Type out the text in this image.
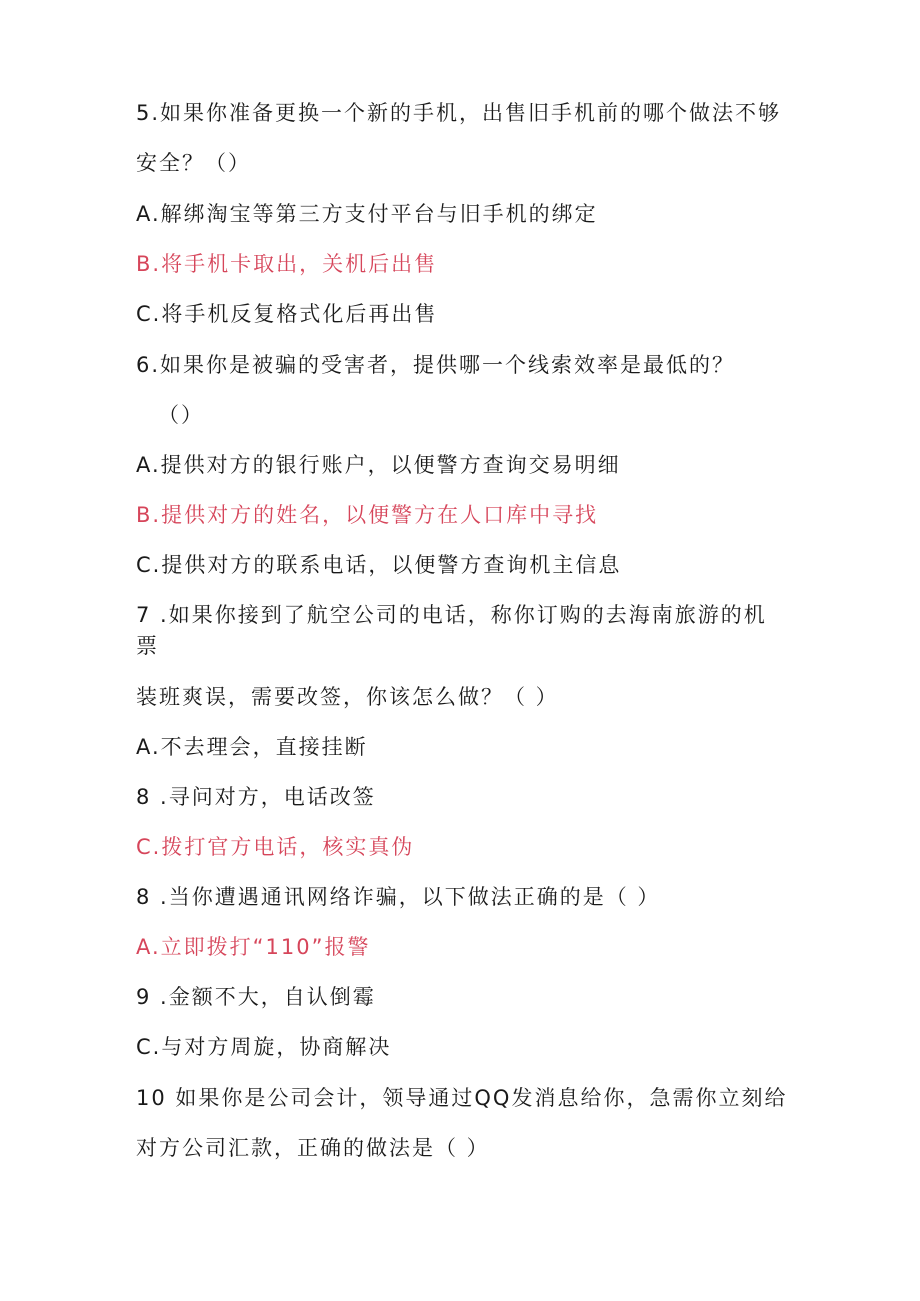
5.如果你准备更换一个新的手机，出售旧手机前的哪个做法不够
安全？（）
A.解绑淘宝等第三方支付平台与旧手机的绑定
B.将手机卡取出，关机后出售
C.将手机反复格式化后再出售
6.如果你是被骗的受害者，提供哪一个线索效率是最低的？
（）
A.提供对方的银行账户，以便警方查询交易明细
B.提供对方的姓名，以便警方在人口库中寻找
C.提供对方的联系电话，以便警方查询机主信息
7 .如果你接到了航空公司的电话，称你订购的去海南旅游的机
票
装班爽误，需要改签，你该怎么做？（ ）
A.不去理会，直接挂断
8 .寻问对方，电话改签
C.拨打官方电话，核实真伪
8 .当你遭遇通讯网络诈骗，以下做法正确的是（ ）
A.立即拨打“110”报警
9 .金额不大，自认倒霉
C.与对方周旋，协商解决
10 如果你是公司会计，领导通过QQ发消息给你，急需你立刻给
对方公司汇款，正确的做法是（ ）
